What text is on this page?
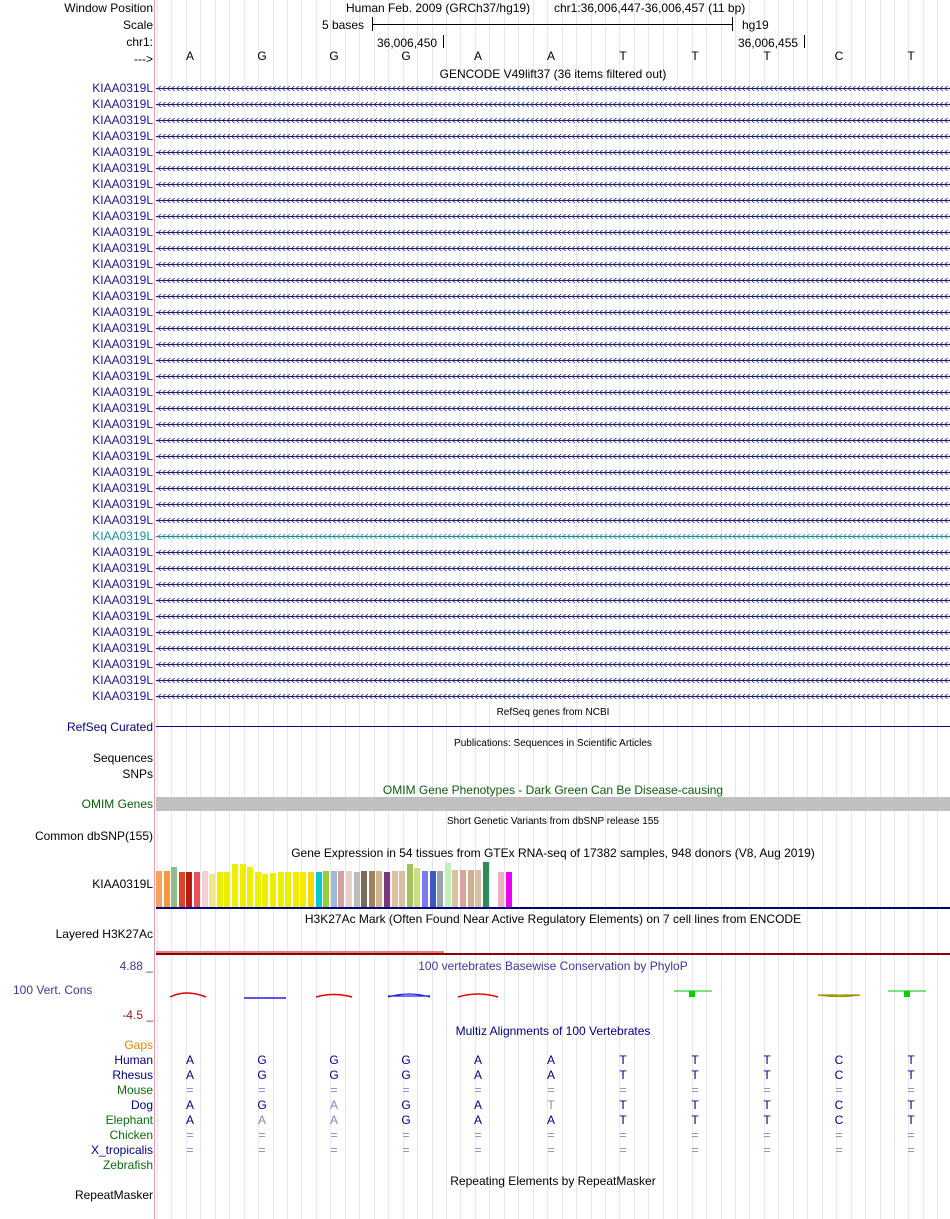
Window Position	Human Feb. 2009 (GRCh37/hg19) chr1:36,006,447-36,006,457 (11 bp)
Scale	5 bases	hg19
chr1:	36,006,450	36,006,455
--->	A	G	G	G	A	A	T	T	T	C	T
GENCODE V49lift37 (36 items filtered out)
KIAA0319L
KIAA0319L
KIAA0319L
KIAA0319L
KIAA0319L
KIAA0319L
KIAA0319L
KIAA0319L
KIAA0319L
KIAA0319L
KIAA0319L
KIAA0319L
KIAA0319L
KIAA0319L
KIAA0319L
KIAA0319L
KIAA0319L
KIAA0319L
KIAA0319L
KIAA0319L
KIAA0319L
KIAA0319L
KIAA0319L
KIAA0319L
KIAA0319L
KIAA0319L
KIAA0319L
KIAA0319L
KIAA0319L
KIAA0319L
KIAA0319L
KIAA0319L
KIAA0319L
KIAA0319L
KIAA0319L
KIAA0319L
KIAA0319L
KIAA0319L
KIAA0319L
RefSeq genes from NCBI
RefSeq Curated
Publications: Sequences in Scientific Articles
Sequences
SNPs
OMIM Gene Phenotypes - Dark Green Can Be Disease-causing
OMIM Genes
Short Genetic Variants from dbSNP release 155
Common dbSNP(155)
Gene Expression in 54 tissues from GTEx RNA-seq of 17382 samples, 948 donors (V8, Aug 2019)
KIAA0319L
H3K27Ac Mark (Often Found Near Active Regulatory Elements) on 7 cell lines from ENCODE
Layered H3K27Ac
100 vertebrates Basewise Conservation by PhyloP
4.88 _
100 Vert. Cons
-4.5 _
Multiz Alignments of 100 Vertebrates
Gaps
Human	A	G	G	G	A	A	T	T	T	C	T
Rhesus	A	G	G	G	A	A	T	T	T	C	T
Mouse	=	=	=	=	=	=	=	=	=	=	=
Dog	A	G	A	G	A	T	T	T	T	C	T
Elephant	A	A	A	G	A	A	T	T	T	C	T
Chicken	=	=	=	=	=	=	=	=	=	=	=
X_tropicalis	=	=	=	=	=	=	=	=	=	=	=
Zebrafish
Repeating Elements by RepeatMasker
RepeatMasker
